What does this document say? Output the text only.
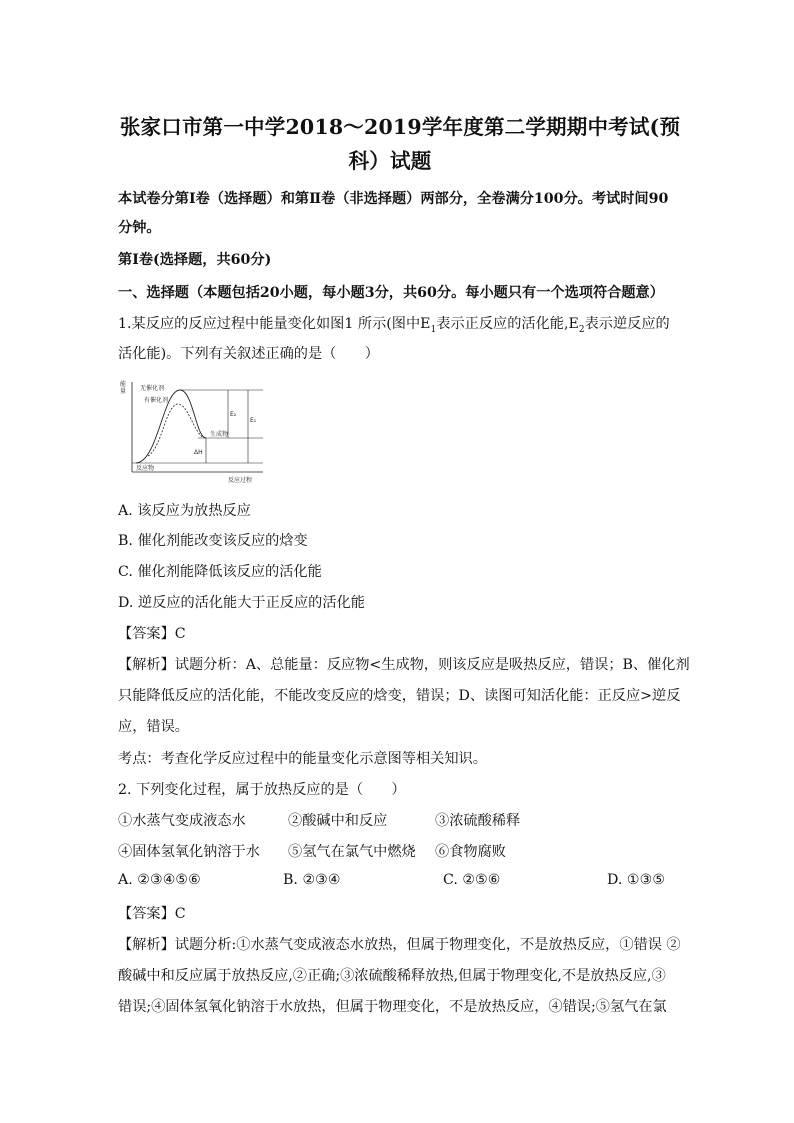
张家口市第一中学2018～2019学年度第二学期期中考试(预
科）试题
本试卷分第Ⅰ卷（选择题）和第Ⅱ卷（非选择题）两部分，全卷满分100分。考试时间90
分钟。
第Ⅰ卷(选择题，共60分)
一、选择题（本题包括20小题，每小题3分，共60分。每小题只有一个选项符合题意）
1.某反应的反应过程中能量变化如图1 所示(图中$E_1$表示正反应的活化能$,E_2$表示逆反应的
活化能)。下列有关叙述正确的是（　　）
能
量 无催化剂
有催化剂
E₂
E₁
生成物
ΔH
反应物
反应过程
A. 该反应为放热反应
B. 催化剂能改变该反应的焓变
C. 催化剂能降低该反应的活化能
D. 逆反应的活化能大于正反应的活化能
【答案】C
【解析】试题分析：A、总能量：反应物<生成物，则该反应是吸热反应，错误；B、催化剂
只能降低反应的活化能，不能改变反应的焓变，错误；D、读图可知活化能：正反应>逆反
应，错误。
考点：考查化学反应过程中的能量变化示意图等相关知识。
2. 下列变化过程，属于放热反应的是（　　）
①水蒸气变成液态水	②酸碱中和反应	③浓硫酸稀释
④固体氢氧化钠溶于水 ⑤氢气在氯气中燃烧 ⑥食物腐败
A. ②③④⑤⑥	B. ②③④	C. ②⑤⑥	D. ①③⑤
【答案】C
【解析】试题分析:①水蒸气变成液态水放热，但属于物理变化，不是放热反应，①错误 ②
酸碱中和反应属于放热反应,②正确;③浓硫酸稀释放热,但属于物理变化,不是放热反应,③
错误;④固体氢氧化钠溶于水放热，但属于物理变化，不是放热反应，④错误;⑤氢气在氯
